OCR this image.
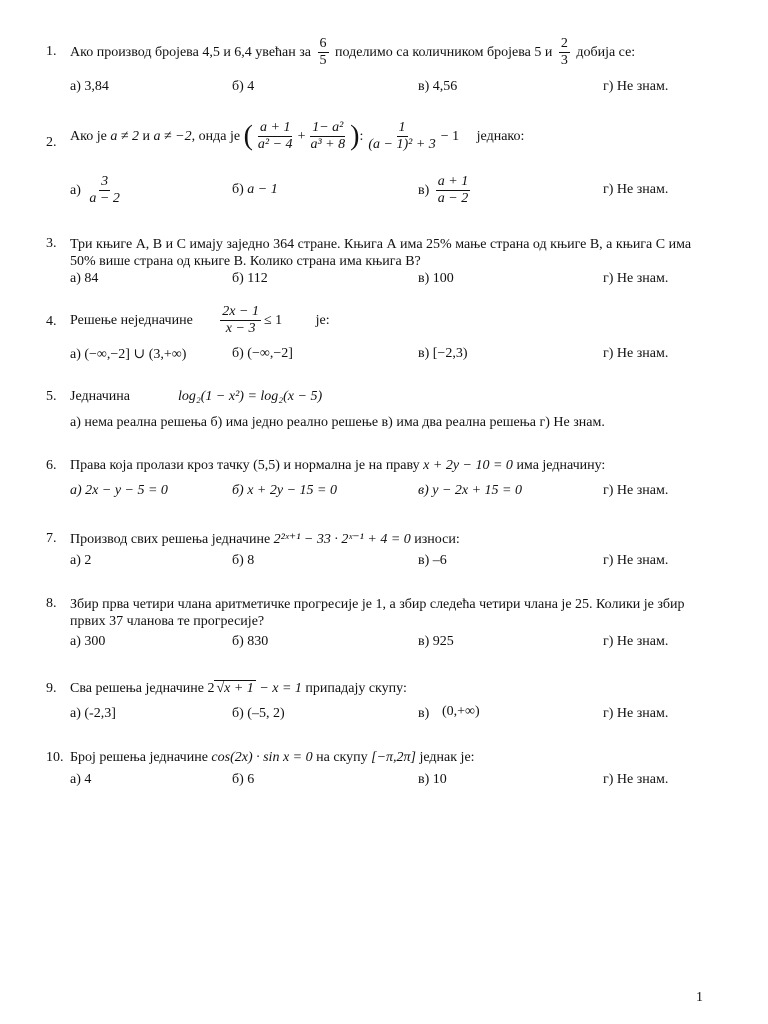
1. Ако производ бројева 4,5 и 6,4 увећан за $\frac{6}{5}$ поделимо са количником бројева 5 и $\frac{2}{3}$ добија се:
а) 3,84	б) 4	в) 4,56	г) Не знам.
2. Ако је a ≠ 2 и a ≠ −2, онда је ( $\frac{a + 1}{\text{a² − 4}} + \frac{\text{1− a²}}{\text{a³ + 8}}$ ): $\frac{1}{\text{(a − 1)² + 3}} - 1$ једнако:
$а) \frac{3}{a - 2}$	б) a − 1	$в) \frac{a + 1}{a - 2}$	г) Не знам.
3. Три књиге А, В и С имају заједно 364 стране. Књига А има 25% мање страна од књиге В, а књига С има 50% више страна од књиге В. Колико страна има књига В?
а) 84	б) 112	в) 100	г) Не знам.
4. Решење неједначине $\frac{2x - 1}{x - 3} \le 1$ је:
а) (−∞,−2] ∪ (3,+∞)	б) (−∞,−2]	в) [−2,3)	г) Не знам.
5. Једначина	log₂(1 − x²) = log₂(x − 5)
а) нема реална решења б) има једно реално решење в) има два реална решења г) Не знам.
6. Права која пролази кроз тачку (5,5) и нормална је на праву x + 2y − 10 = 0 има једначину:
а) 2x − y − 5 = 0	б) x + 2y − 15 = 0	в) y − 2x + 15 = 0	г) Не знам.
7. Производ свих решења једначине 2²ˣ⁺¹ − 33 · 2ˣ⁻¹ + 4 = 0 износи:
а) 2	б) 8	в) –6	г) Не знам.
8. Збир прва четири члана аритметичке прогресије је 1, а збир следећа четири члана је 25. Колики је збир првих 37 чланова те прогресије?
а) 300	б) 830	в) 925	г) Не знам.
9. Сва решења једначине 2 √x + 1 − x = 1 припадају скупу:
а) (-2,3]	б) (–5, 2)	в) (0,+∞)	г) Не знам.
10. Број решења једначине cos(2x) · sin x = 0 на скупу [−π,2π] једнак је:
а) 4	б) 6	в) 10	г) Не знам.
1
